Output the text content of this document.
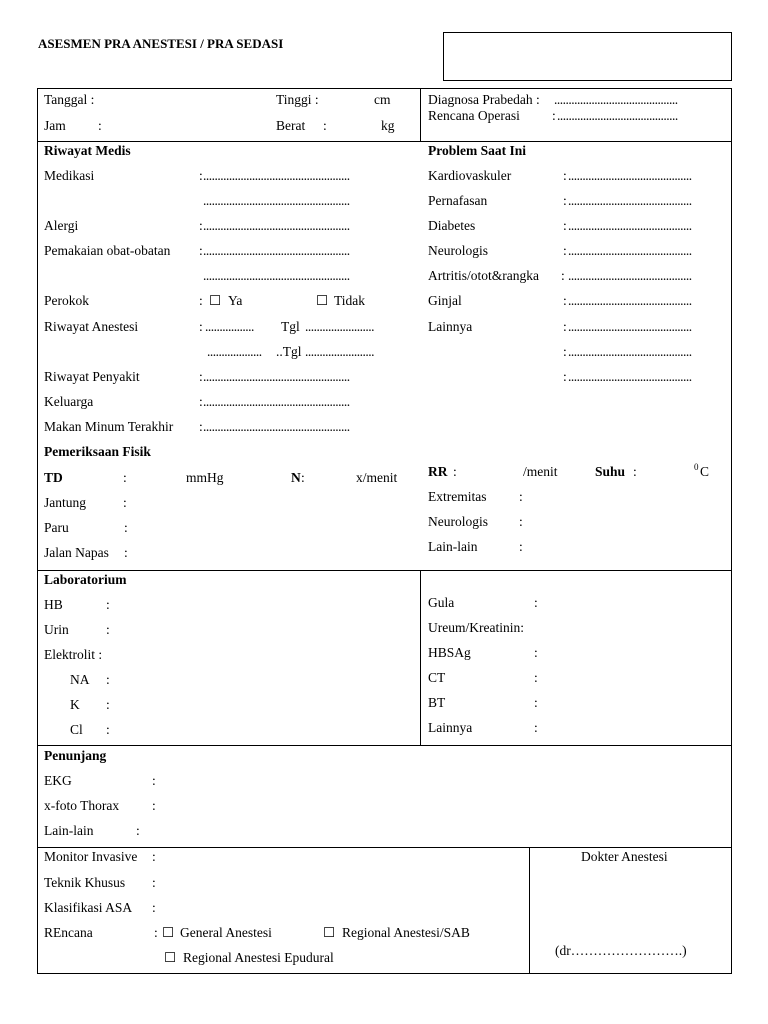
ASESMEN PRA ANESTESI / PRA SEDASI
Tanggal :	Tinggi :	cm
Jam :	Berat :	kg
Diagnosa Prabedah : ...........................................
Rencana Operasi : ..........................................
Riwayat Medis
Medikasi	: ...................................................
...................................................
Alergi	: ...................................................
Pemakaian obat-obatan : ...................................................
...................................................
Perokok	: ☐ Ya	☐ Tidak
Riwayat Anestesi	: ................. Tgl ........................
................... ..Tgl ........................
Riwayat Penyakit	: ...................................................
Keluarga	: ...................................................
Makan Minum Terakhir : ...................................................
Problem Saat Ini
Kardiovaskuler	: ...........................................
Pernafasan	: ...........................................
Diabetes	: ...........................................
Neurologis	: ...........................................
Artritis/otot&rangka : ...........................................
Ginjal	: ...........................................
Lainnya	: ...........................................
: ...........................................
: ...........................................
Pemeriksaan Fisik
TD	:	mmHg	N :	x/menit RR :	/menit	Suhu :	0 C
Jantung	:
Paru	:
Jalan Napas :
Extremitas :
Neurologis :
Lain-lain	:
Laboratorium
HB	:
Urin	:
Elektrolit :
NA :
K :
Cl :
Gula	:
Ureum/Kreatinin:
HBSAg	:
CT	:
BT	:
Lainnya	:
Penunjang
EKG	:
x-foto Thorax :
Lain-lain	:
Monitor Invasive :
Teknik Khusus :
Klasifikasi ASA :
REncana	: ☐ General Anestesi	☐ Regional Anestesi/SAB
☐ Regional Anestesi Epudural
Dokter Anestesi
(dr…………………….)
